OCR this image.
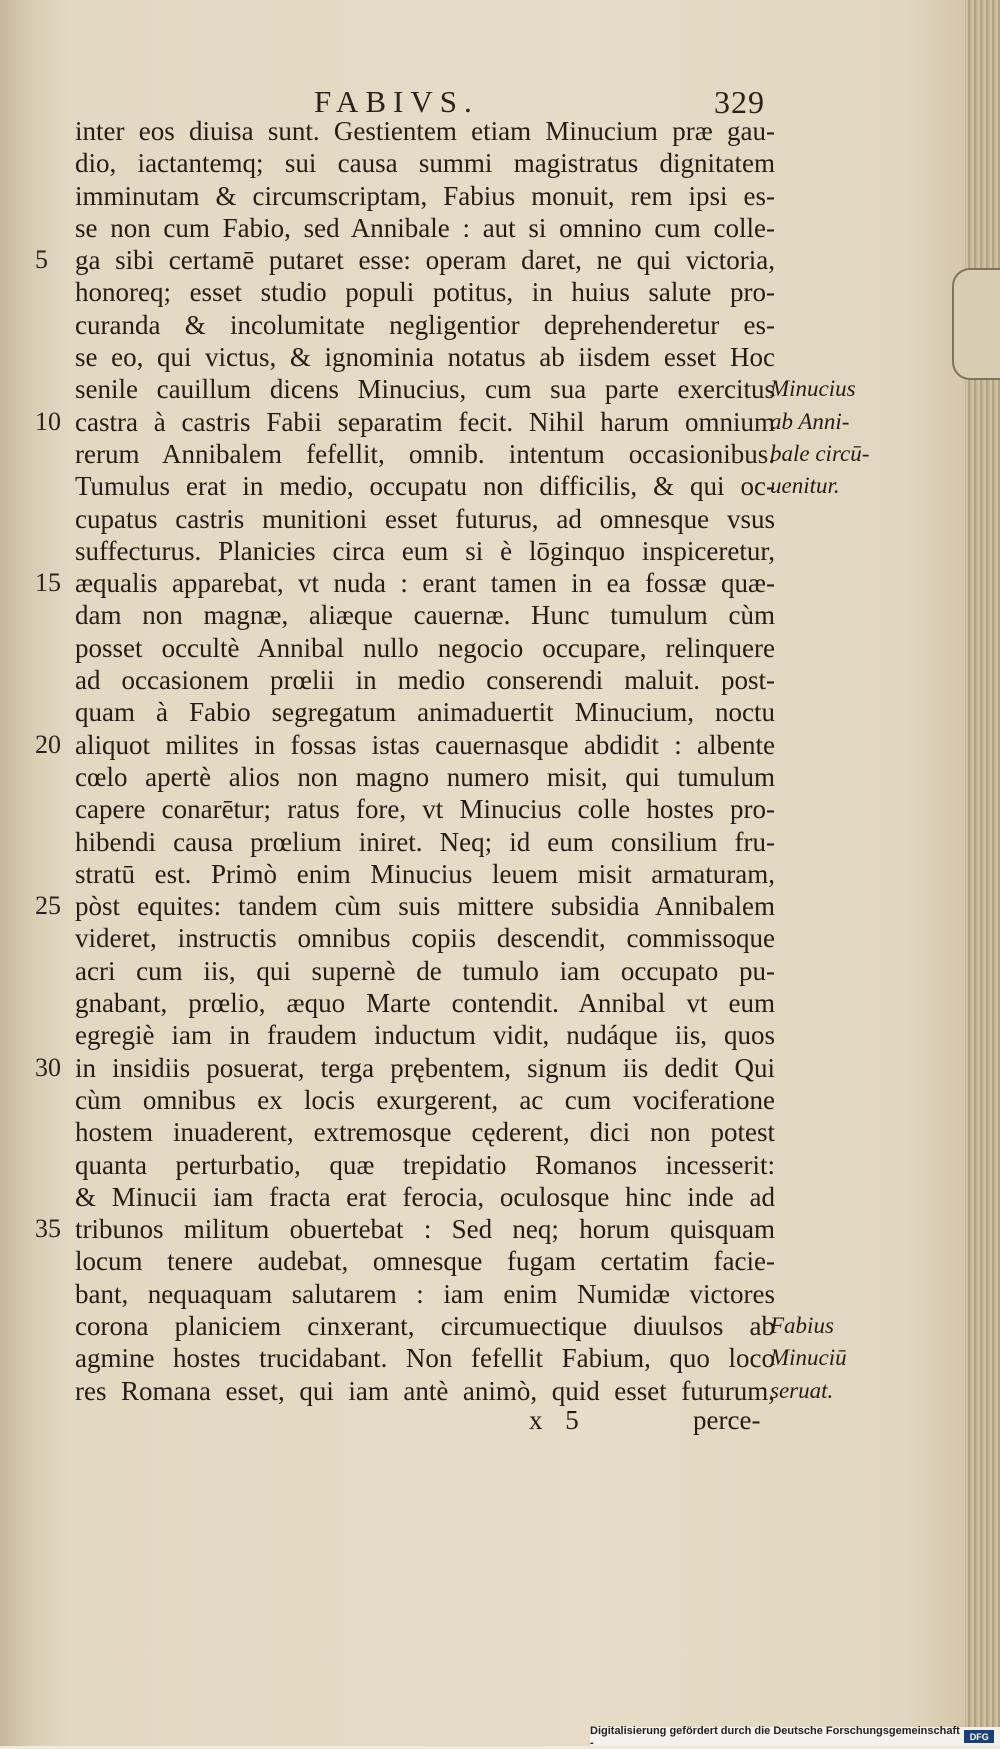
FABIVS.	329
inter eos diuisa sunt. Gestientem etiam Minucium præ gau-
dio, iactantemq; sui causa summi magistratus dignitatem
imminutam & circumscriptam, Fabius monuit, rem ipsi es-
se non cum Fabio, sed Annibale : aut si omnino cum colle-
5 ga sibi certamē putaret esse: operam daret, ne qui victoria,
honoreq; esset studio populi potitus, in huius salute pro-
curanda & incolumitate negligentior deprehenderetur es-
se eo, qui victus, & ignominia notatus ab iisdem esset Hoc
senile cauillum dicens Minucius, cum sua parte exercitus
10 castra à castris Fabii separatim fecit. Nihil harum omnium
rerum Annibalem fefellit, omnib. intentum occasionibus.
Tumulus erat in medio, occupatu non difficilis, & qui oc-
cupatus castris munitioni esset futurus, ad omnesque vsus
suffecturus. Planicies circa eum si è lōginquo inspiceretur,
15 æqualis apparebat, vt nuda : erant tamen in ea fossæ quæ-
dam non magnæ, aliæque cauernæ. Hunc tumulum cùm
posset occultè Annibal nullo negocio occupare, relinquere
ad occasionem prœlii in medio conserendi maluit. post-
quam à Fabio segregatum animaduertit Minucium, noctu
20 aliquot milites in fossas istas cauernasque abdidit : albente
cœlo apertè alios non magno numero misit, qui tumulum
capere conarētur; ratus fore, vt Minucius colle hostes pro-
hibendi causa prœlium iniret. Neq; id eum consilium fru-
stratū est. Primò enim Minucius leuem misit armaturam,
25 pòst equites: tandem cùm suis mittere subsidia Annibalem
videret, instructis omnibus copiis descendit, commissoque
acri cum iis, qui supernè de tumulo iam occupato pu-
gnabant, prœlio, æquo Marte contendit. Annibal vt eum
egregiè iam in fraudem inductum vidit, nudáque iis, quos
30 in insidiis posuerat, terga prębentem, signum iis dedit Qui
cùm omnibus ex locis exurgerent, ac cum vociferatione
hostem inuaderent, extremosque cęderent, dici non potest
quanta perturbatio, quæ trepidatio Romanos incesserit:
& Minucii iam fracta erat ferocia, oculosque hinc inde ad
35 tribunos militum obuertebat : Sed neq; horum quisquam
locum tenere audebat, omnesque fugam certatim facie-
bant, nequaquam salutarem : iam enim Numidæ victores
corona planiciem cinxerant, circumuectique diuulsos ab
agmine hostes trucidabant. Non fefellit Fabium, quo loco
res Romana esset, qui iam antè animò, quid esset futurum,
x 5	perce-
Digitalisierung gefördert durch die Deutsche Forschungsgemeinschaft -	DFG
Minucius
ab Anni-
bale circū-
uenitur.
Fabius
Minuciū
seruat.
